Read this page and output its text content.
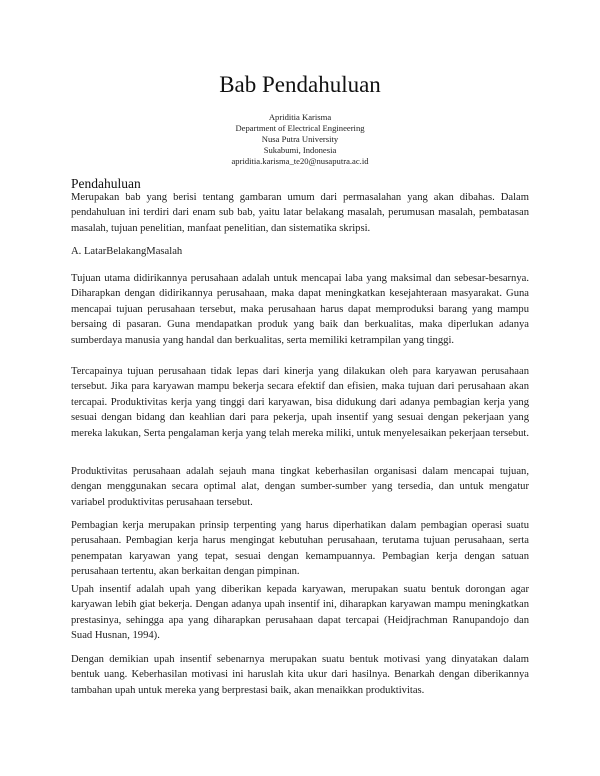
Bab Pendahuluan
Apriditia Karisma
Department of Electrical Engineering
Nusa Putra University
Sukabumi, Indonesia
apriditia.karisma_te20@nusaputra.ac.id
Pendahuluan

Merupakan bab yang berisi tentang gambaran umum dari permasalahan yang akan dibahas. Dalam pendahuluan ini terdiri dari enam sub bab, yaitu latar belakang masalah, perumusan masalah, pembatasan masalah, tujuan penelitian, manfaat penelitian, dan sistematika skripsi.

A. LatarBelakangMasalah

Tujuan utama didirikannya perusahaan adalah untuk mencapai laba yang maksimal dan sebesar-besarnya. Diharapkan dengan didirikannya perusahaan, maka dapat meningkatkan kesejahteraan masyarakat. Guna mencapai tujuan perusahaan tersebut, maka perusahaan harus dapat memproduksi barang yang mampu bersaing di pasaran. Guna mendapatkan produk yang baik dan berkualitas, maka diperlukan adanya sumberdaya manusia yang handal dan berkualitas, serta memiliki ketrampilan yang tinggi.

Tercapainya tujuan perusahaan tidak lepas dari kinerja yang dilakukan oleh para karyawan perusahaan tersebut. Jika para karyawan mampu bekerja secara efektif dan efisien, maka tujuan dari perusahaan akan tercapai. Produktivitas kerja yang tinggi dari karyawan, bisa didukung dari adanya pembagian kerja yang sesuai dengan bidang dan keahlian dari para pekerja, upah insentif yang sesuai dengan pekerjaan yang mereka lakukan, Serta pengalaman kerja yang telah mereka miliki, untuk menyelesaikan pekerjaan tersebut.

Produktivitas perusahaan adalah sejauh mana tingkat keberhasilan organisasi dalam mencapai tujuan, dengan menggunakan secara optimal alat, dengan sumber-sumber yang tersedia, dan untuk mengatur variabel produktivitas perusahaan tersebut.

Pembagian kerja merupakan prinsip terpenting yang harus diperhatikan dalam pembagian operasi suatu perusahaan. Pembagian kerja harus mengingat kebutuhan perusahaan, terutama tujuan perusahaan, serta penempatan karyawan yang tepat, sesuai dengan kemampuannya. Pembagian kerja dengan satuan perusahaan tertentu, akan berkaitan dengan pimpinan.

Upah insentif adalah upah yang diberikan kepada karyawan, merupakan suatu bentuk dorongan agar karyawan lebih giat bekerja. Dengan adanya upah insentif ini, diharapkan karyawan mampu meningkatkan prestasinya, sehingga apa yang diharapkan perusahaan dapat tercapai (Heidjrachman Ranupandojo dan Suad Husnan, 1994).

Dengan demikian upah insentif sebenarnya merupakan suatu bentuk motivasi yang dinyatakan dalam bentuk uang. Keberhasilan motivasi ini haruslah kita ukur dari hasilnya. Benarkah dengan diberikannya tambahan upah untuk mereka yang berprestasi baik, akan menaikkan produktivitas.
